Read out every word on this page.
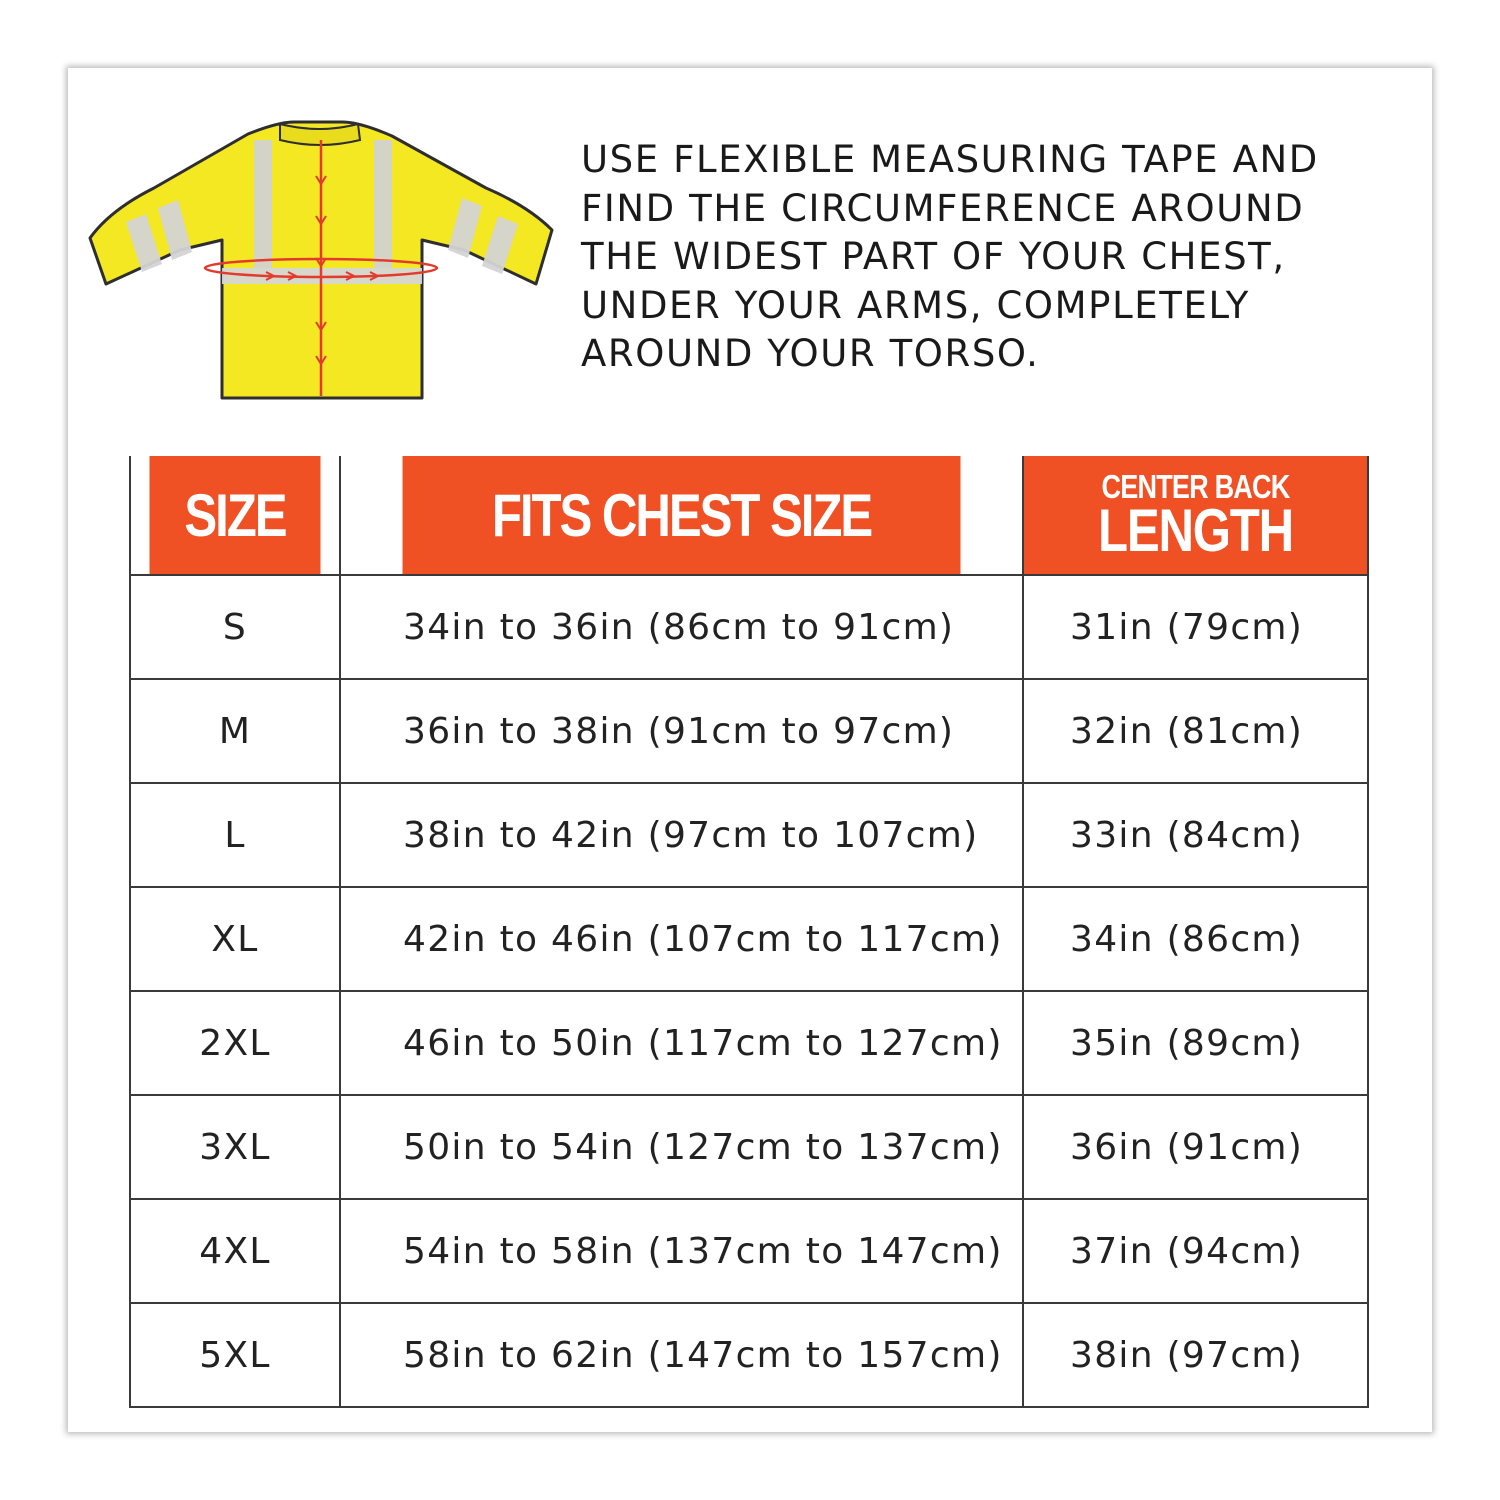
USE FLEXIBLE MEASURING TAPE AND FIND THE CIRCUMFERENCE AROUND THE WIDEST PART OF YOUR CHEST, UNDER YOUR ARMS, COMPLETELY AROUND YOUR TORSO.
SIZE	FITS CHEST SIZE	CENTER BACK
LENGTH

S	34in to 36in (86cm to 91cm)	31in (79cm)
M	36in to 38in (91cm to 97cm)	32in (81cm)
L	38in to 42in (97cm to 107cm)	33in (84cm)
XL	42in to 46in (107cm to 117cm)	34in (86cm)
2XL	46in to 50in (117cm to 127cm)	35in (89cm)
3XL	50in to 54in (127cm to 137cm)	36in (91cm)
4XL	54in to 58in (137cm to 147cm)	37in (94cm)
5XL	58in to 62in (147cm to 157cm)	38in (97cm)
